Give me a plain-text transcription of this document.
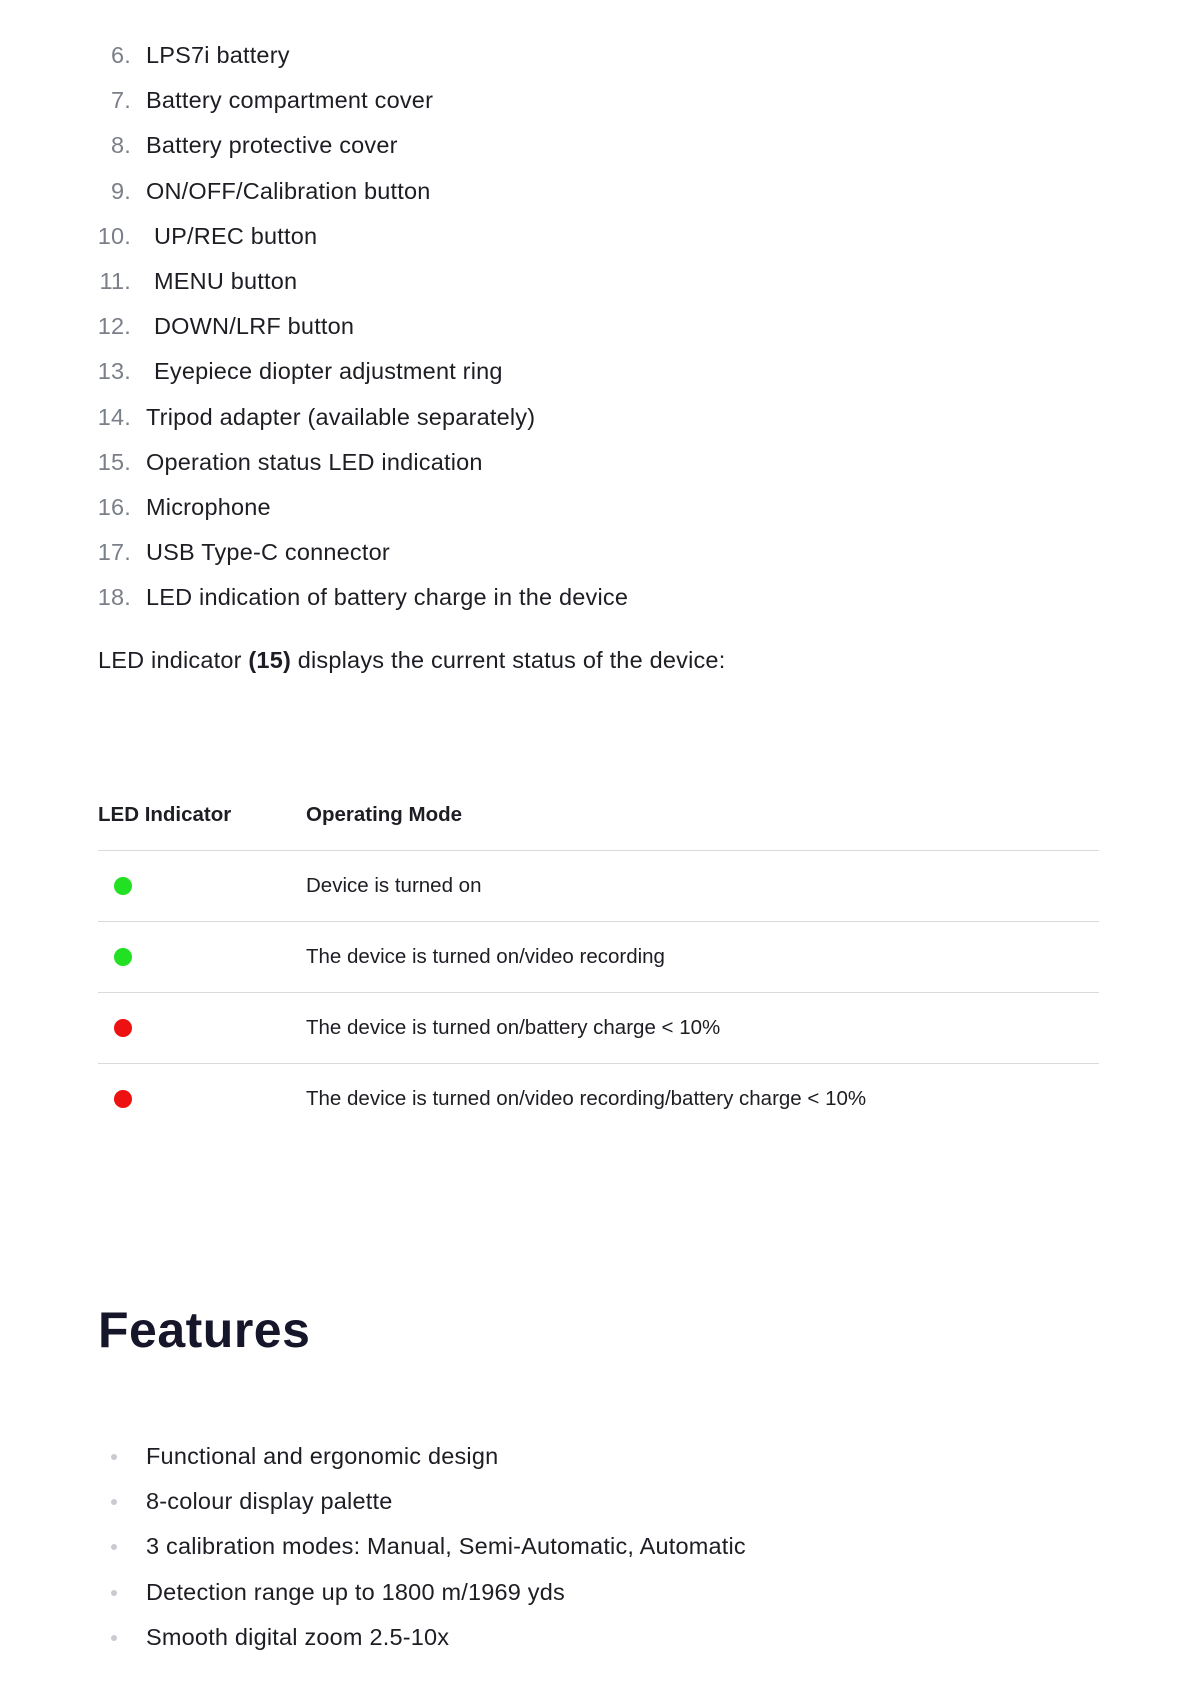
6. LPS7i battery
7. Battery compartment cover
8. Battery protective cover
9. ON/OFF/Calibration button
10. UP/REC button
11. MENU button
12. DOWN/LRF button
13. Eyepiece diopter adjustment ring
14. Tripod adapter (available separately)
15. Operation status LED indication
16. Microphone
17. USB Type-C connector
18. LED indication of battery charge in the device

LED indicator (15) displays the current status of the device:

LED Indicator	Operating Mode
Device is turned on
The device is turned on/video recording
The device is turned on/battery charge < 10%
The device is turned on/video recording/battery charge < 10%
Features
Functional and ergonomic design
8-colour display palette
3 calibration modes: Manual, Semi-Automatic, Automatic
Detection range up to 1800 m/1969 yds
Smooth digital zoom 2.5-10x
